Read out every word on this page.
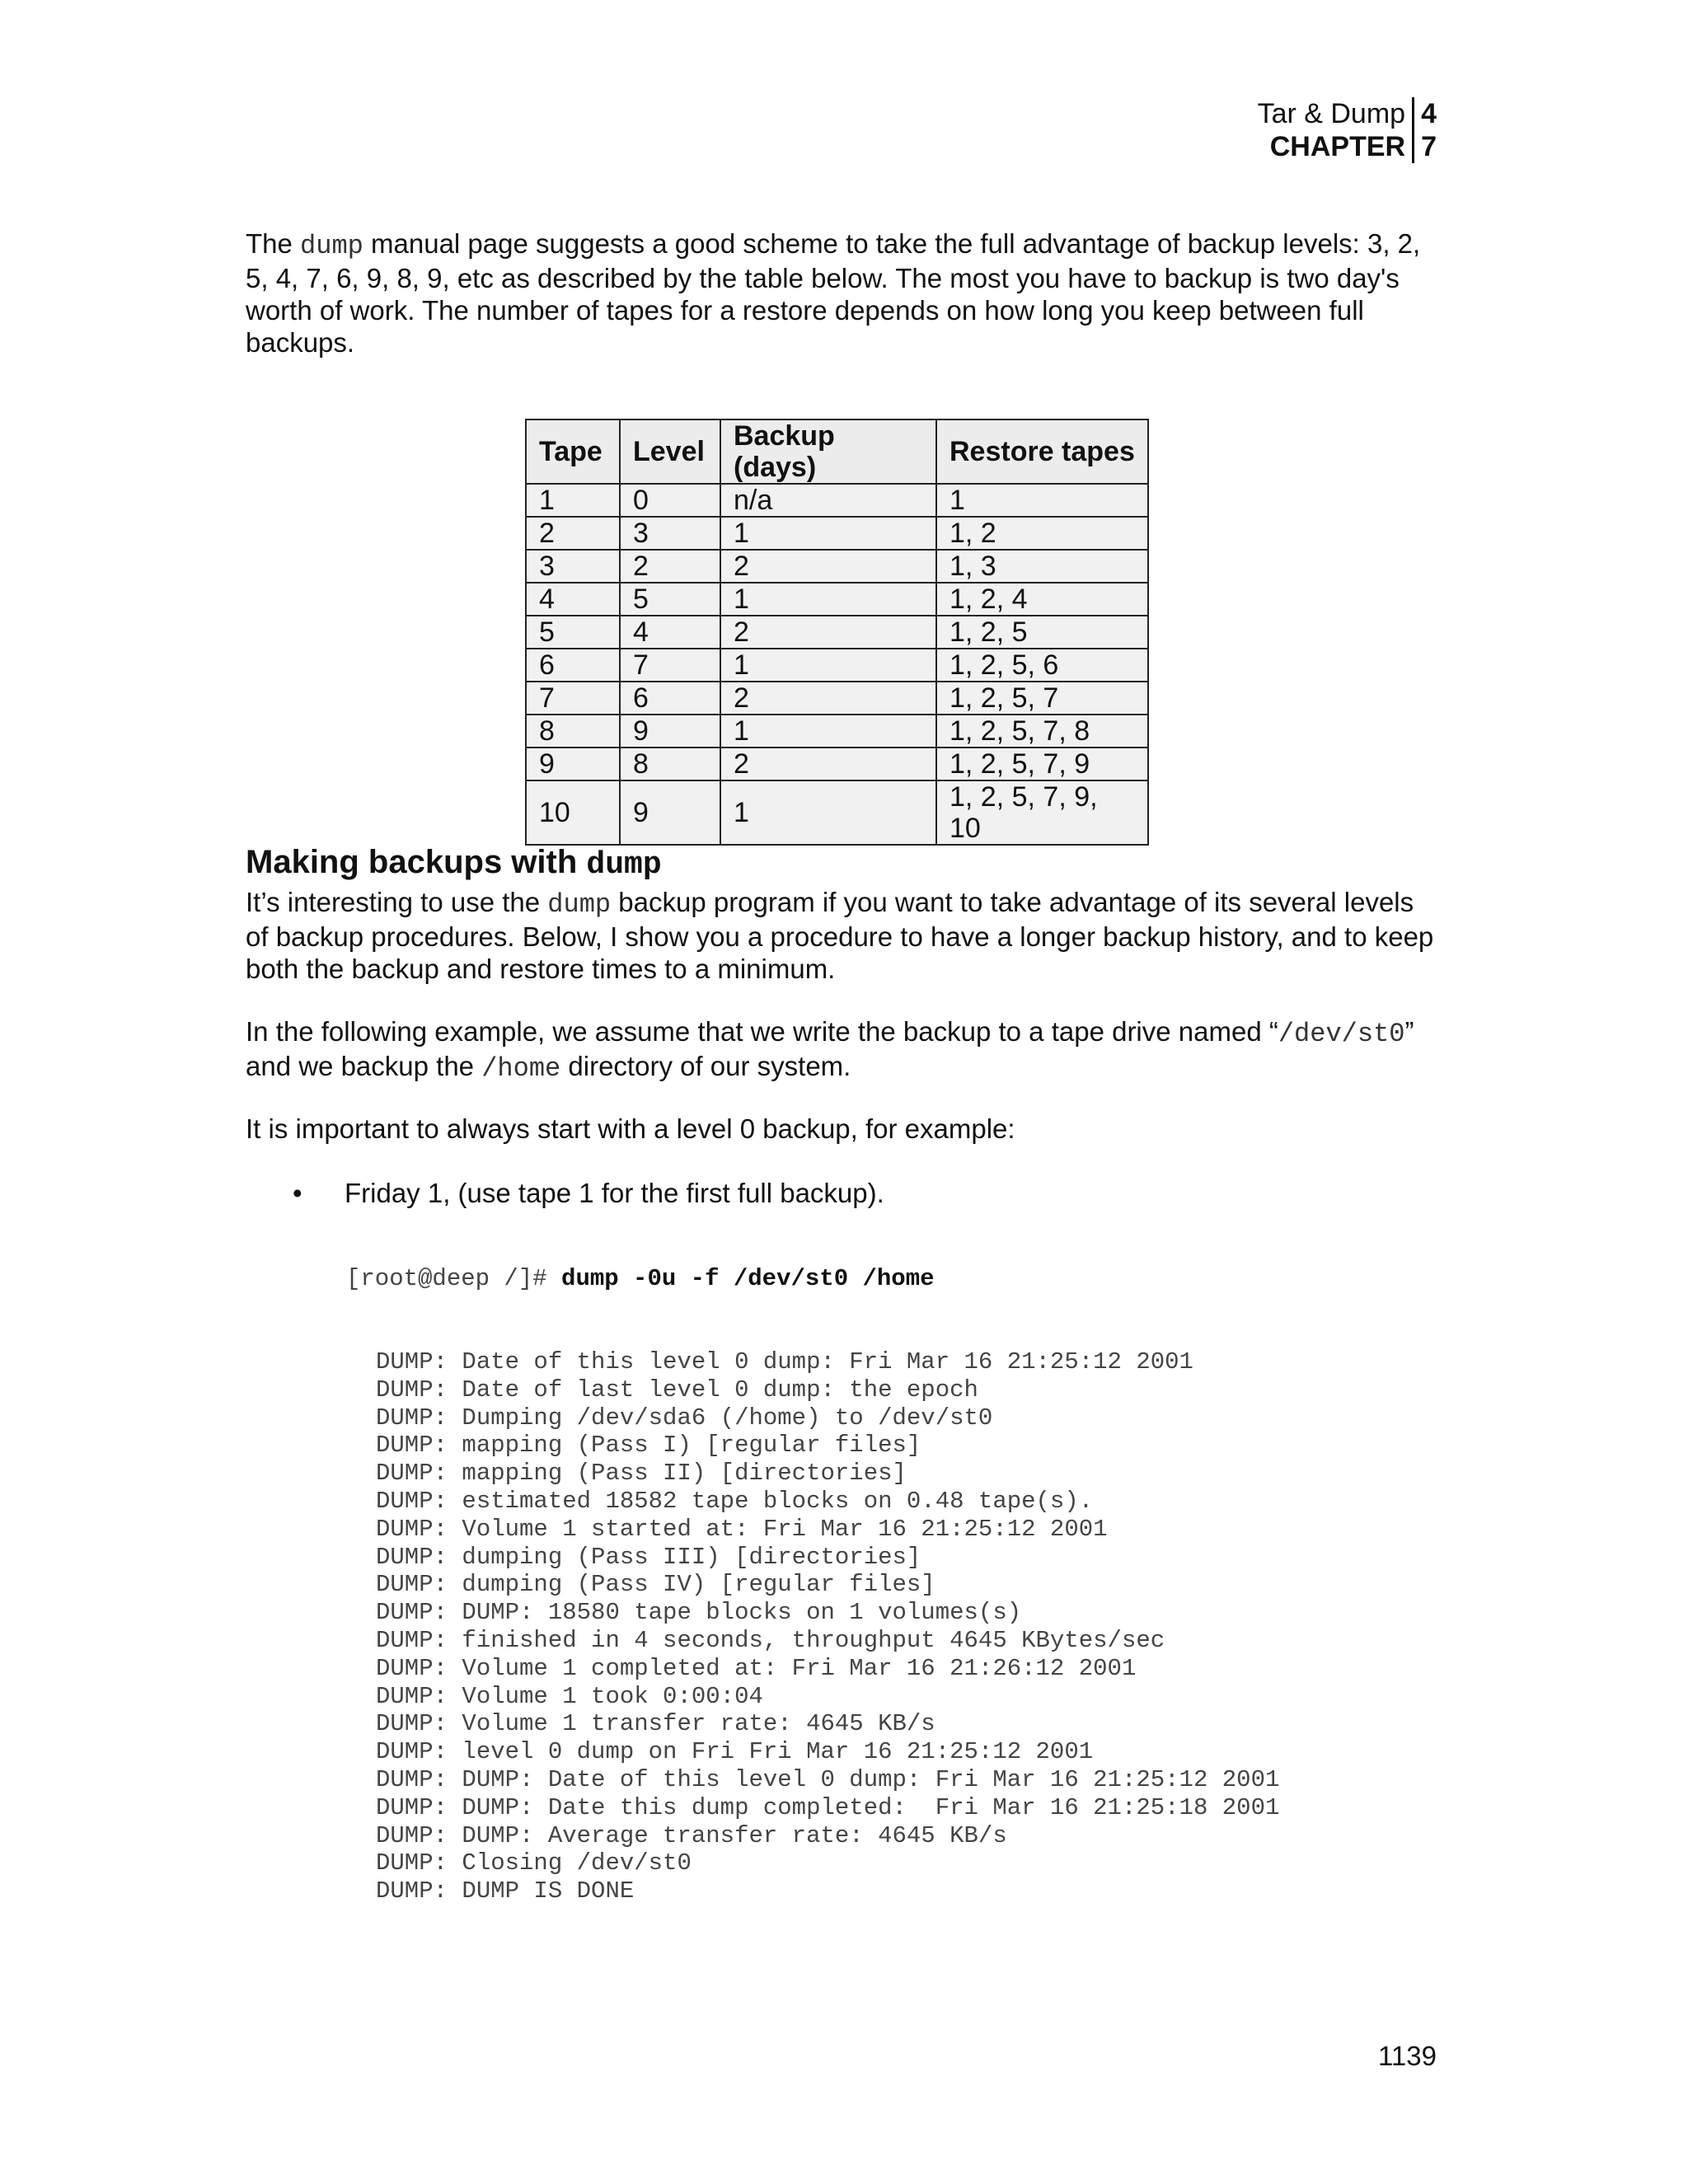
Tar & Dump
CHAPTER
4
7

The dump manual page suggests a good scheme to take the full advantage of backup levels: 3, 2, 5, 4, 7, 6, 9, 8, 9, etc as described by the table below. The most you have to backup is two day's worth of work. The number of tapes for a restore depends on how long you keep between full backups.

Tape	Level	Backup (days)	Restore tapes
1	0	n/a	1
2	3	1	1, 2
3	2	2	1, 3
4	5	1	1, 2, 4
5	4	2	1, 2, 5
6	7	1	1, 2, 5, 6
7	6	2	1, 2, 5, 7
8	9	1	1, 2, 5, 7, 8
9	8	2	1, 2, 5, 7, 9
10	9	1	1, 2, 5, 7, 9, 10
Making backups with dump

It’s interesting to use the dump backup program if you want to take advantage of its several levels of backup procedures. Below, I show you a procedure to have a longer backup history, and to keep both the backup and restore times to a minimum.

In the following example, we assume that we write the backup to a tape drive named “/dev/st0” and we backup the /home directory of our system.

It is important to always start with a level 0 backup, for example:

• Friday 1, (use tape 1 for the first full backup).

[root@deep /]# dump -0u -f /dev/st0 /home

DUMP: Date of this level 0 dump: Fri Mar 16 21:25:12 2001
DUMP: Date of last level 0 dump: the epoch
DUMP: Dumping /dev/sda6 (/home) to /dev/st0
DUMP: mapping (Pass I) [regular files]
DUMP: mapping (Pass II) [directories]
DUMP: estimated 18582 tape blocks on 0.48 tape(s).
DUMP: Volume 1 started at: Fri Mar 16 21:25:12 2001
DUMP: dumping (Pass III) [directories]
DUMP: dumping (Pass IV) [regular files]
DUMP: DUMP: 18580 tape blocks on 1 volumes(s)
DUMP: finished in 4 seconds, throughput 4645 KBytes/sec
DUMP: Volume 1 completed at: Fri Mar 16 21:26:12 2001
DUMP: Volume 1 took 0:00:04
DUMP: Volume 1 transfer rate: 4645 KB/s
DUMP: level 0 dump on Fri Fri Mar 16 21:25:12 2001
DUMP: DUMP: Date of this level 0 dump: Fri Mar 16 21:25:12 2001
DUMP: DUMP: Date this dump completed:  Fri Mar 16 21:25:18 2001
DUMP: DUMP: Average transfer rate: 4645 KB/s
DUMP: Closing /dev/st0
DUMP: DUMP IS DONE

1139
